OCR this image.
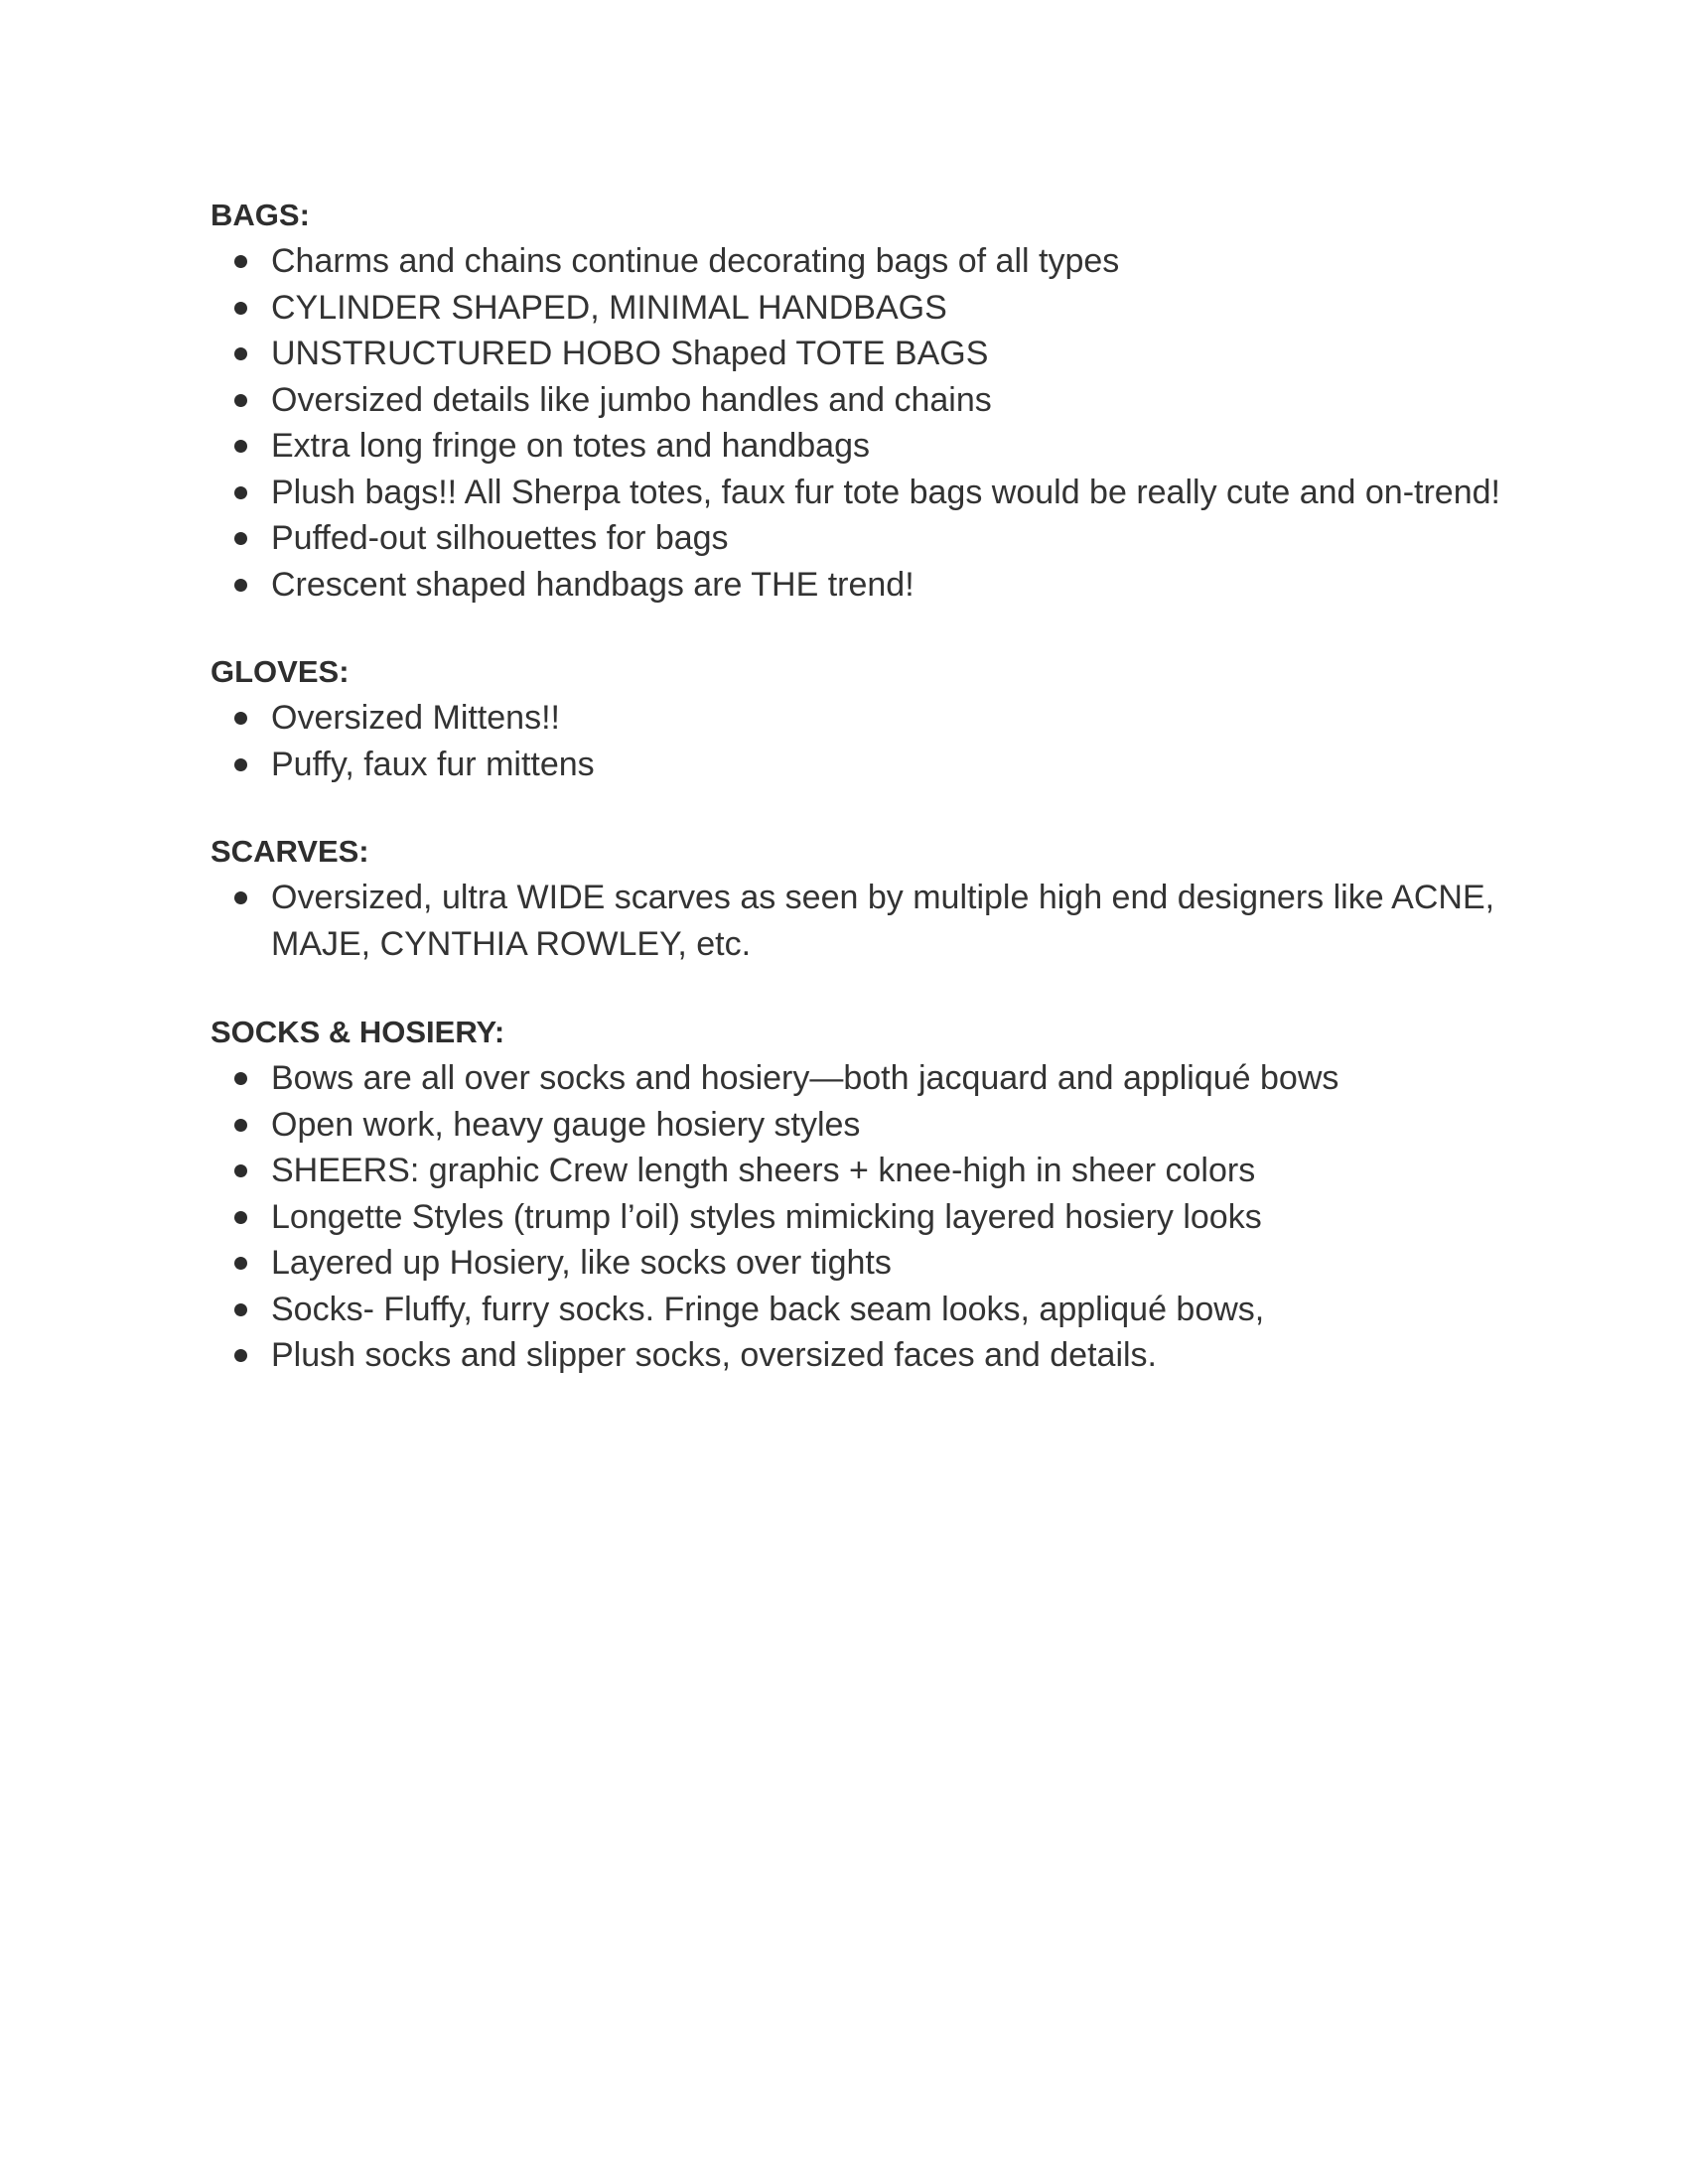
BAGS:

Charms and chains continue decorating bags of all types
CYLINDER SHAPED, MINIMAL HANDBAGS
UNSTRUCTURED HOBO Shaped TOTE BAGS
Oversized details like jumbo handles and chains
Extra long fringe on totes and handbags
Plush bags!! All Sherpa totes, faux fur tote bags would be really cute and on-trend!
Puffed-out silhouettes for bags
Crescent shaped handbags are THE trend!

GLOVES:

Oversized Mittens!!
Puffy, faux fur mittens

SCARVES:

Oversized, ultra WIDE scarves as seen by multiple high end designers like ACNE, MAJE, CYNTHIA ROWLEY, etc.

SOCKS & HOSIERY:

Bows are all over socks and hosiery—both jacquard and appliqué bows
Open work, heavy gauge hosiery styles
SHEERS: graphic Crew length sheers + knee-high in sheer colors
Longette Styles (trump l’oil) styles mimicking layered hosiery looks
Layered up Hosiery, like socks over tights
Socks- Fluffy, furry socks. Fringe back seam looks, appliqué bows,
Plush socks and slipper socks, oversized faces and details.
